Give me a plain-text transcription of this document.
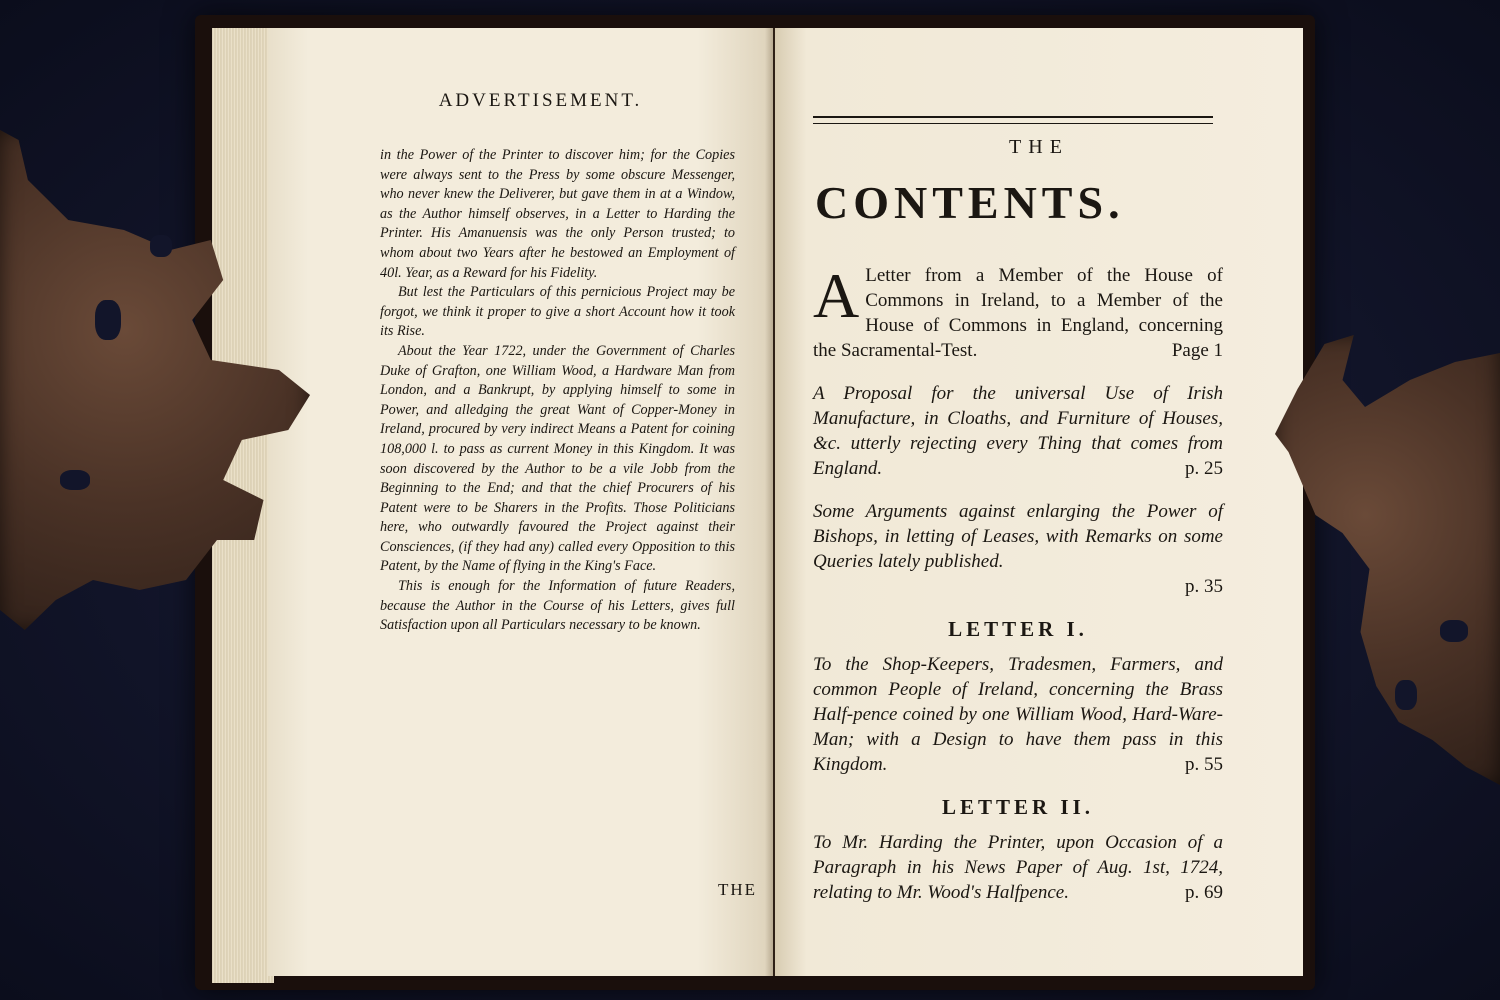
ADVERTISEMENT.

in the Power of the Printer to discover him; for the Copies were always sent to the Press by some obscure Messenger, who never knew the Deliverer, but gave them in at a Window, as the Author himself observes, in a Letter to Harding the Printer. His Amanuensis was the only Person trusted; to whom about two Years after he bestowed an Employment of 40l. Year, as a Reward for his Fidelity.

But lest the Particulars of this pernicious Project may be forgot, we think it proper to give a short Account how it took its Rise.

About the Year 1722, under the Government of Charles Duke of Grafton, one William Wood, a Hardware Man from London, and a Bankrupt, by applying himself to some in Power, and alledging the great Want of Copper-Money in Ireland, procured by very indirect Means a Patent for coining 108,000 l. to pass as current Money in this Kingdom. It was soon discovered by the Author to be a vile Jobb from the Beginning to the End; and that the chief Procurers of his Patent were to be Sharers in the Profits. Those Politicians here, who outwardly favoured the Project against their Consciences, (if they had any) called every Opposition to this Patent, by the Name of flying in the King's Face.

This is enough for the Information of future Readers, because the Author in the Course of his Letters, gives full Satisfaction upon all Particulars necessary to be known.

THE
THE
CONTENTS.
A Letter from a Member of the House of Commons in Ireland, to a Member of the House of Commons in England, concerning the Sacramental-Test.	Page 1
A Proposal for the universal Use of Irish Manufacture, in Cloaths, and Furniture of Houses, &c. utterly rejecting every Thing that comes from England.	p. 25
Some Arguments against enlarging the Power of Bishops, in letting of Leases, with Remarks on some Queries lately published.
p. 35
LETTER I.
To the Shop-Keepers, Tradesmen, Farmers, and common People of Ireland, concerning the Brass Half-pence coined by one William Wood, Hard-Ware-Man; with a Design to have them pass in this Kingdom.	p. 55
LETTER II.
To Mr. Harding the Printer, upon Occasion of a Paragraph in his News Paper of Aug. 1st, 1724, relating to Mr. Wood's Halfpence.	p. 69
